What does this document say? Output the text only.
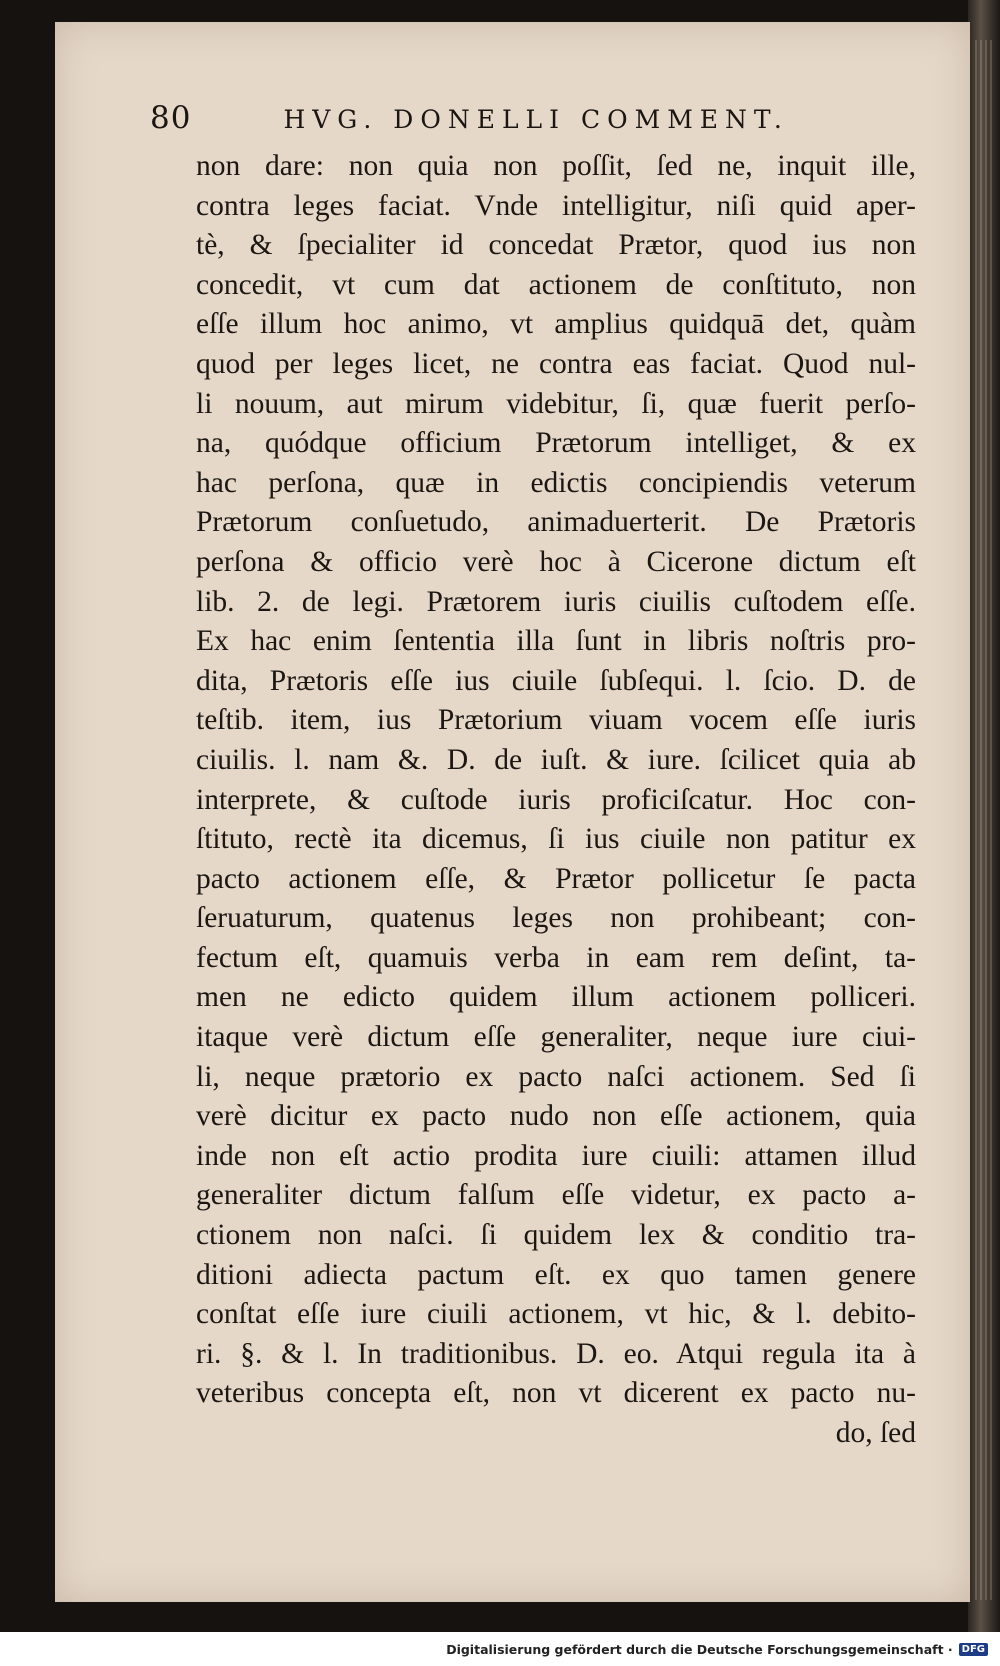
80	HVG. DONELLI COMMENT.
non dare: non quia non poſſit, ſed ne, inquit ille,
contra leges faciat. Vnde intelligitur, niſi quid aper-
tè, & ſpecialiter id concedat Prætor, quod ius non
concedit, vt cum dat actionem de conſtituto, non
eſſe illum hoc animo, vt amplius quidquā det, quàm
quod per leges licet, ne contra eas faciat. Quod nul-
li nouum, aut mirum videbitur, ſi, quæ fuerit perſo-
na, quódque officium Prætorum intelliget, & ex
hac perſona, quæ in edictis concipiendis veterum
Prætorum conſuetudo, animaduerterit. De Prætoris
perſona & officio verè hoc à Cicerone dictum eſt
lib. 2. de legi. Prætorem iuris ciuilis cuſtodem eſſe.
Ex hac enim ſententia illa ſunt in libris noſtris pro-
dita, Prætoris eſſe ius ciuile ſubſequi. l. ſcio. D. de
teſtib. item, ius Prætorium viuam vocem eſſe iuris
ciuilis. l. nam &. D. de iuſt. & iure. ſcilicet quia ab
interprete, & cuſtode iuris proficiſcatur. Hoc con-
ſtituto, rectè ita dicemus, ſi ius ciuile non patitur ex
pacto actionem eſſe, & Prætor pollicetur ſe pacta
ſeruaturum, quatenus leges non prohibeant; con-
fectum eſt, quamuis verba in eam rem deſint, ta-
men ne edicto quidem illum actionem polliceri.
itaque verè dictum eſſe generaliter, neque iure ciui-
li, neque prætorio ex pacto naſci actionem. Sed ſi
verè dicitur ex pacto nudo non eſſe actionem, quia
inde non eſt actio prodita iure ciuili: attamen illud
generaliter dictum falſum eſſe videtur, ex pacto a-
ctionem non naſci. ſi quidem lex & conditio tra-
ditioni adiecta pactum eſt. ex quo tamen genere
conſtat eſſe iure ciuili actionem, vt hic, & l. debito-
ri. §. & l. In traditionibus. D. eo. Atqui regula ita à
veteribus concepta eſt, non vt dicerent ex pacto nu-
do, ſed
Digitalisierung gefördert durch die Deutsche Forschungsgemeinschaft · DFG
